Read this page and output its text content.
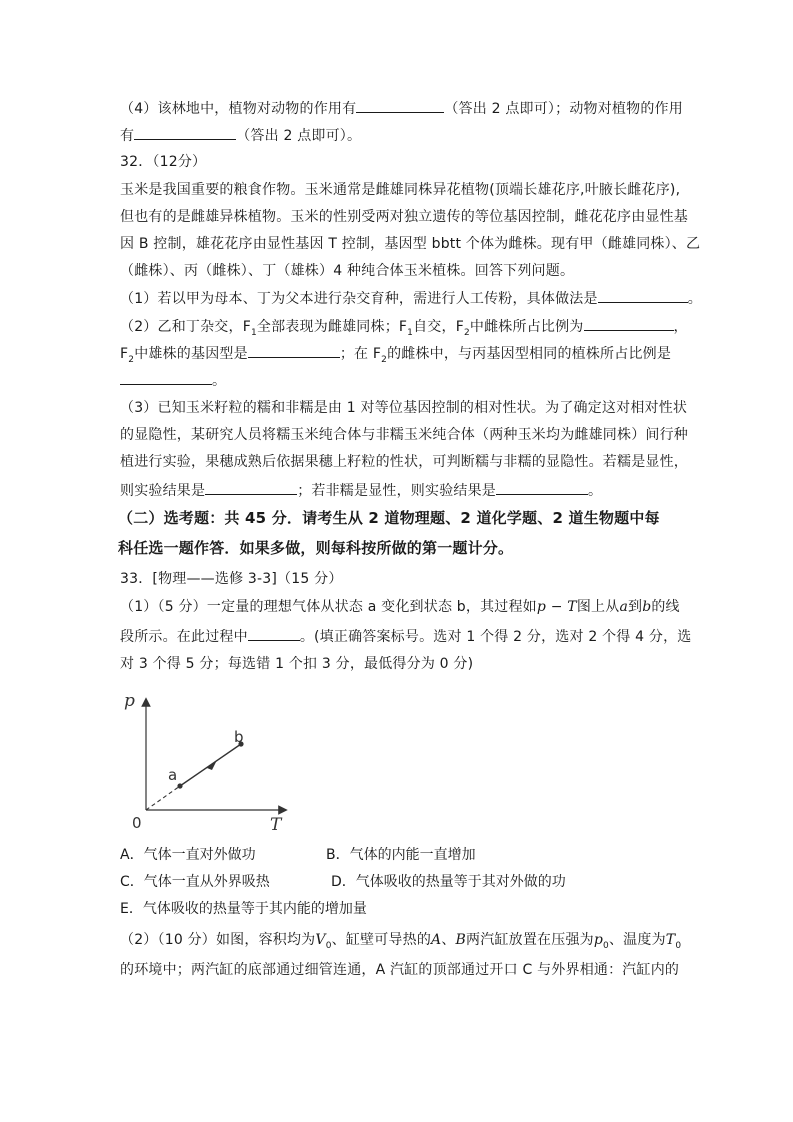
（4）该林地中，植物对动物的作用有	（答出 2 点即可）；动物对植物的作用
有	（答出 2 点即可）。
32．（12分）
玉米是我国重要的粮食作物。玉米通常是雌雄同株异花植物(顶端长雄花序,叶腋长雌花序),
但也有的是雌雄异株植物。玉米的性别受两对独立遗传的等位基因控制，雌花花序由显性基
因 B 控制，雄花花序由显性基因 T 控制，基因型 bbtt 个体为雌株。现有甲（雌雄同株）、乙
（雌株）、丙（雌株）、丁（雄株）4 种纯合体玉米植株。回答下列问题。
（1）若以甲为母本、丁为父本进行杂交育种，需进行人工传粉，具体做法是	。
（2）乙和丁杂交，$F_1$全部表现为雌雄同株；$F_1$自交，$F_2$中雌株所占比例为	，
$F_2$中雄株的基因型是	；在 $F_2$的雌株中，与丙基因型相同的植株所占比例是
。
（3）已知玉米籽粒的糯和非糯是由 1 对等位基因控制的相对性状。为了确定这对相对性状
的显隐性，某研究人员将糯玉米纯合体与非糯玉米纯合体（两种玉米均为雌雄同株）间行种
植进行实验，果穗成熟后依据果穗上籽粒的性状，可判断糯与非糯的显隐性。若糯是显性，
则实验结果是	；若非糯是显性，则实验结果是	。
（二）选考题：共 45 分．请考生从 2 道物理题、2 道化学题、2 道生物题中每
科任选一题作答．如果多做，则每科按所做的第一题计分。
33．[物理——选修 3-3]（15 分）
（1）（5 分）一定量的理想气体从状态 a 变化到状态 b，其过程如p − T图上从a到b的线
段所示。在此过程中	。(填正确答案标号。选对 1 个得 2 分，选对 2 个得 4 分，选
对 3 个得 5 分；每选错 1 个扣 3 分，最低得分为 0 分)
p
T
0
a
b
A．气体一直对外做功	B．气体的内能一直增加
C．气体一直从外界吸热	D．气体吸收的热量等于其对外做的功
E．气体吸收的热量等于其内能的增加量
（2）（10 分）如图，容积均为$V_0$、缸壁可导热的A、B两汽缸放置在压强为$p_0$、温度为$T_0$
的环境中；两汽缸的底部通过细管连通，A 汽缸的顶部通过开口 C 与外界相通：汽缸内的
